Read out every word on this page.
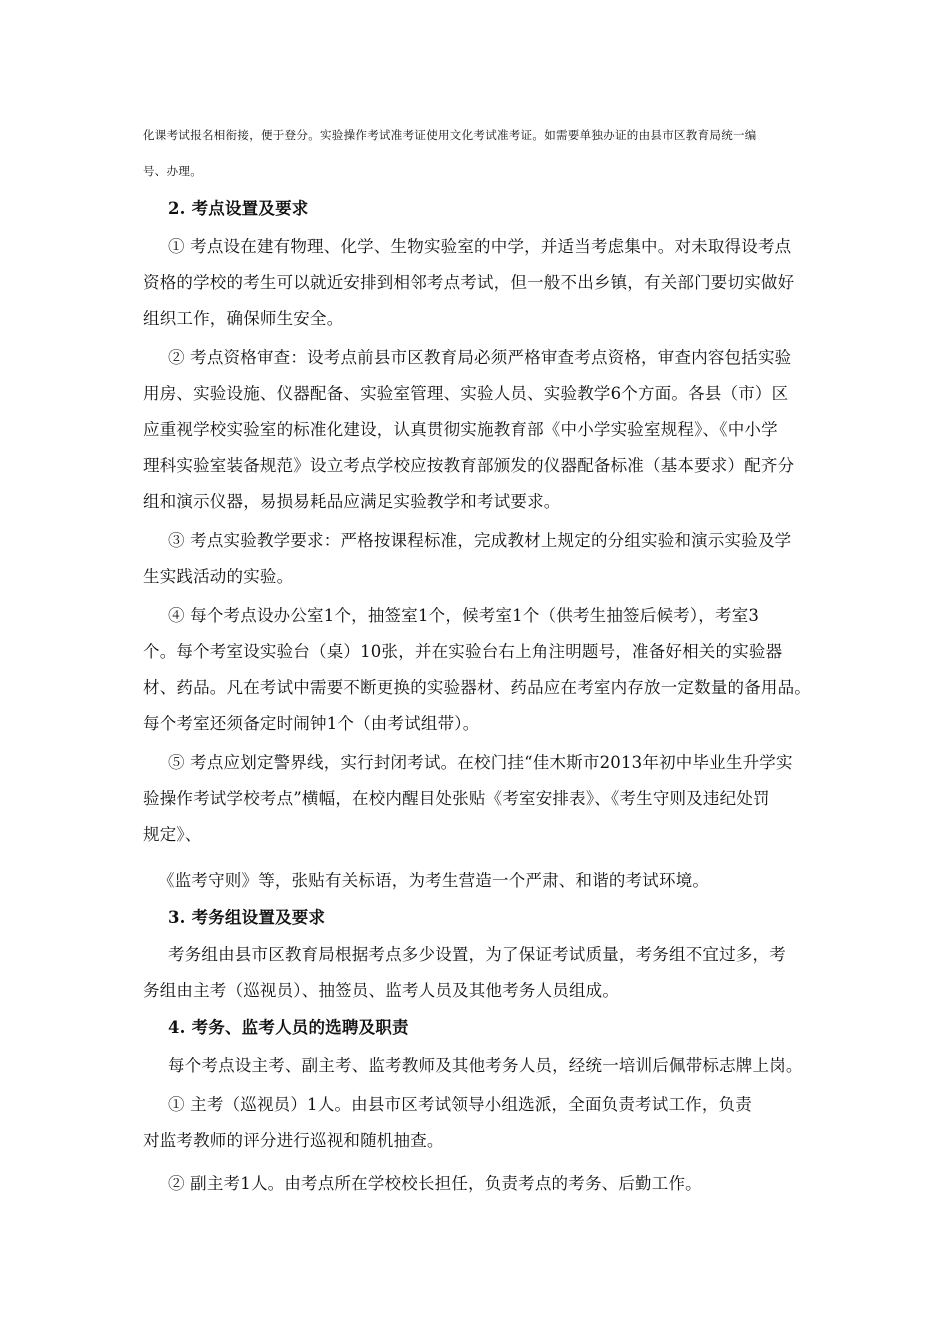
化课考试报名相衔接，便于登分。实验操作考试准考证使用文化考试准考证。如需要单独办证的由县市区教育局统一编
号、办理。
2. 考点设置及要求
① 考点设在建有物理、化学、生物实验室的中学，并适当考虑集中。对未取得设考点
资格的学校的考生可以就近安排到相邻考点考试，但一般不出乡镇，有关部门要切实做好
组织工作，确保师生安全。
② 考点资格审查：设考点前县市区教育局必须严格审查考点资格，审查内容包括实验
用房、实验设施、仪器配备、实验室管理、实验人员、实验教学6个方面。各县（市）区
应重视学校实验室的标准化建设，认真贯彻实施教育部《中小学实验室规程》、《中小学
理科实验室装备规范》设立考点学校应按教育部颁发的仪器配备标准（基本要求）配齐分
组和演示仪器，易损易耗品应满足实验教学和考试要求。
③ 考点实验教学要求：严格按课程标准，完成教材上规定的分组实验和演示实验及学
生实践活动的实验。
④ 每个考点设办公室1个，抽签室1个，候考室1个（供考生抽签后候考），考室3
个。每个考室设实验台（桌）10张，并在实验台右上角注明题号，准备好相关的实验器
材、药品。凡在考试中需要不断更换的实验器材、药品应在考室内存放一定数量的备用品。
每个考室还须备定时闹钟1个（由考试组带）。
⑤ 考点应划定警界线，实行封闭考试。在校门挂“佳木斯市2013年初中毕业生升学实
验操作考试学校考点”横幅，在校内醒目处张贴《考室安排表》、《考生守则及违纪处罚
规定》、
《监考守则》等，张贴有关标语，为考生营造一个严肃、和谐的考试环境。
3. 考务组设置及要求
考务组由县市区教育局根据考点多少设置，为了保证考试质量，考务组不宜过多，考
务组由主考（巡视员）、抽签员、监考人员及其他考务人员组成。
4. 考务、监考人员的选聘及职责
每个考点设主考、副主考、监考教师及其他考务人员，经统一培训后佩带标志牌上岗。
① 主考（巡视员）1人。由县市区考试领导小组选派，全面负责考试工作，负责
对监考教师的评分进行巡视和随机抽查。
② 副主考1人。由考点所在学校校长担任，负责考点的考务、后勤工作。
